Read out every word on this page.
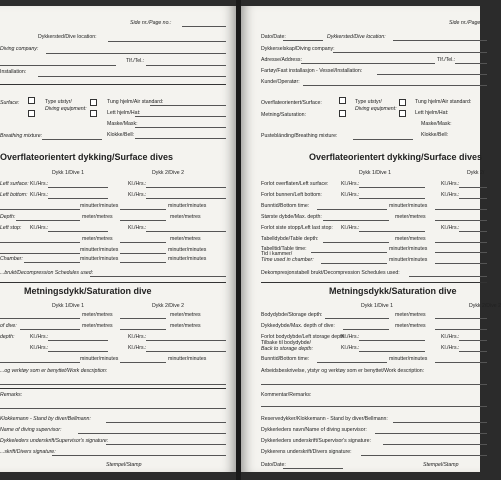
Side nr./Page no.:
Dykkersted/Dive location:
Diving company:
Tlf./Tel.:
Installation:
Surface:	Type utstyr/
Diving equipment:
Tung hjelm/Air standard:
Lett hjelm/Hat:
Maske/Mask:
Klokke/Bell:
Breathing mixture:
Overflateorientert dykking/Surface dives
Dykk 1/Dive 1	Dykk 2/Dive 2
Left surface: Kl./Hrs.:	Kl./Hrs.:
Left bottom: Kl./Hrs.:	Kl./Hrs.:
minutter/minutes	minutter/minutes
Depth:	meter/metres	meter/metres
Left stop: Kl./Hrs.:	Kl./Hrs.:
meter/metres	meter/metres
minutter/minutes	minutter/minutes
Chamber:	minutter/minutes	minutter/minutes
...brukt/Decompression Schedules used:
Metningsdykk/Saturation dive
Dykk 1/Dive 1	Dykk 2/Dive 2
meter/metres	meter/metres
of dive:	meter/metres	meter/metres
depth:	Kl./Hrs.:	Kl./Hrs.:
Kl./Hrs.:	Kl./Hrs.:
minutter/minutes	minutter/minutes
...og verktøy som er benyttet/Work description:
Remarks:
Klokkemann - Stand by diver/Bellmann:
Name of diving supervisor:
Dykkeleders underskrift/Supervisor's signature:
...skrift/Divers signature:
Stempel/Stamp
Side nr./Page
Dato/Date:	Dykkersted/Dive location:
Dykkerselskap/Diving company:
Adresse/Address:	Tlf./Tel.:
Fartøy/Fast installasjon - Vessel/Installation:
Kunde/Operatør:
Overflateorientert/Surface:
Metning/Saturation:
Type utstyr/
Diving equipment:
Tung hjelm/Air standard:
Lett hjelm/Hat:
Maske/Mask:
Klokke/Bell:
Pustebländing/Breathing mixture:
Overflateorientert dykking/Surface dives
Dykk 1/Dive 1	Dykk 2/
Forlot overflaten/Left surface: Kl./Hrs.:	Kl./Hrs.:
Forlot bunnen/Left bottom:	Kl./Hrs.:	Kl./Hrs.:
Bunntid/Bottom time:	minutter/minutes
Største dybde/Max. depth:	meter/metres
Forlot siste stopp/Left last stop: Kl./Hrs.:	Kl./Hrs.:
Tabelldybde/Table depth:	meter/metres
Tabelltid/Table time:	minutter/minutes
Tid i kammer/
Time used in chamber:	minutter/minutes
Dekompresjonstabell brukt/Decompression Schedules used:
Metningsdykk/Saturation dive
Dykk 1/Dive 1	Dykk 2/Dive 2
Bodydybde/Storage depth:	meter/metres
Dykkedybde/Max. depth of dive:	meter/metres
Forlot bodydybde/Left storage depth:
Kl./Hrs.:	Kl./Hrs.:
Tilbake til bodydybde/
Back to storage depth:	Kl./Hrs.:	Kl./Hrs.:
Bunntid/Bottom time:	minutter/minutes
Arbeidsbeskrivelse, ytstyr og verktøy som er benyttet/Work description:
Kommentar/Remarks:
Reservedykker/Klokkemann - Stand by diver/Bellmann:
Dykkerleders navn/Name of diving supervisor:
Dykkerleders underskrift/Supervisor's signature:
Dykkerens underskrift/Divers signature:
Dato/Date:	Stempel/Stamp
